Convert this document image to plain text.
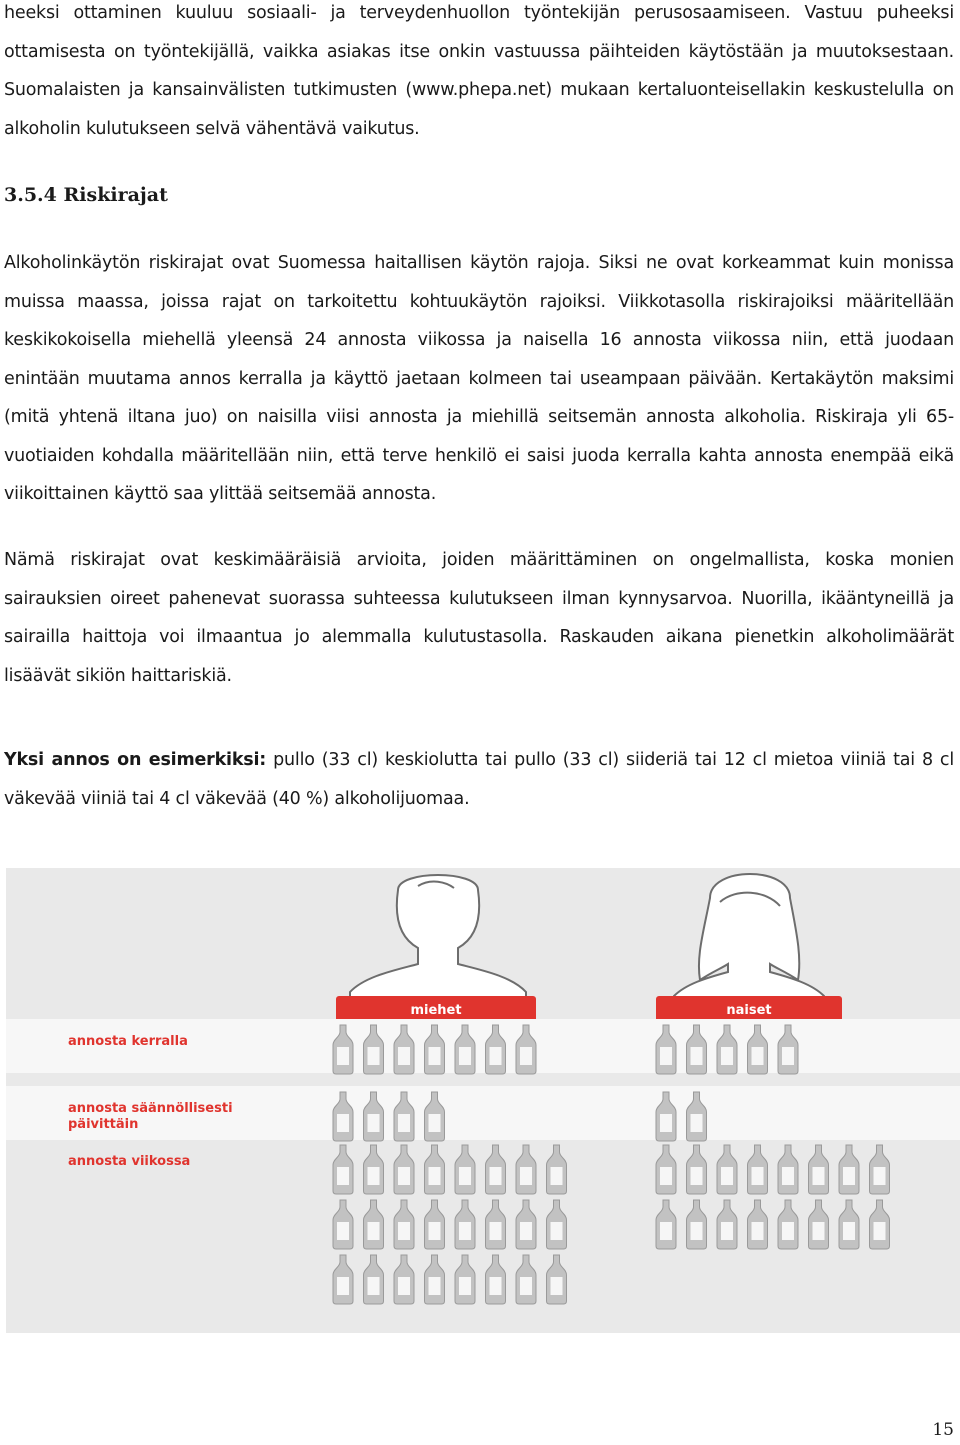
heeksi ottaminen kuuluu sosiaali- ja terveydenhuollon työntekijän perusosaamiseen. Vastuu puheeksi ottamisesta on työntekijällä, vaikka asiakas itse onkin vastuussa päihteiden käytöstään ja muutoksestaan. Suomalaisten ja kansainvälisten tutkimusten (www.phepa.net) mukaan kertaluonteisellakin keskustelulla on alkoholin kulutukseen selvä vähentävä vaikutus.

3.5.4 Riskirajat

Alkoholinkäytön riskirajat ovat Suomessa haitallisen käytön rajoja. Siksi ne ovat korkeammat kuin monissa muissa maassa, joissa rajat on tarkoitettu kohtuukäytön rajoiksi. Viikkotasolla riskirajoiksi määritellään keskikokoisella miehellä yleensä 24 annosta viikossa ja naisella 16 annosta viikossa niin, että juodaan enintään muutama annos kerralla ja käyttö jaetaan kolmeen tai useampaan päivään. Kertakäytön maksimi (mitä yhtenä iltana juo) on naisilla viisi annosta ja miehillä seitsemän annosta alkoholia. Riskiraja yli 65-vuotiaiden kohdalla määritellään niin, että terve henkilö ei saisi juoda kerralla kahta annosta enempää eikä viikoittainen käyttö saa ylittää seitsemää annosta.

Nämä riskirajat ovat keskimääräisiä arvioita, joiden määrittäminen on ongelmallista, koska monien sairauksien oireet pahenevat suorassa suhteessa kulutukseen ilman kynnysarvoa. Nuorilla, ikääntyneillä ja sairailla haittoja voi ilmaantua jo alemmalla kulutustasolla. Raskauden aikana pienetkin alkoholimäärät lisäävät sikiön haittariskiä.

Yksi annos on esimerkiksi: pullo (33 cl) keskiolutta tai pullo (33 cl) siideriä tai 12 cl mietoa viiniä tai 8 cl väkevää viiniä tai 4 cl väkevää (40 %) alkoholijuomaa.

miehet	naiset
annosta kerralla
annosta säännöllisesti päivittäin
annosta viikossa
15
